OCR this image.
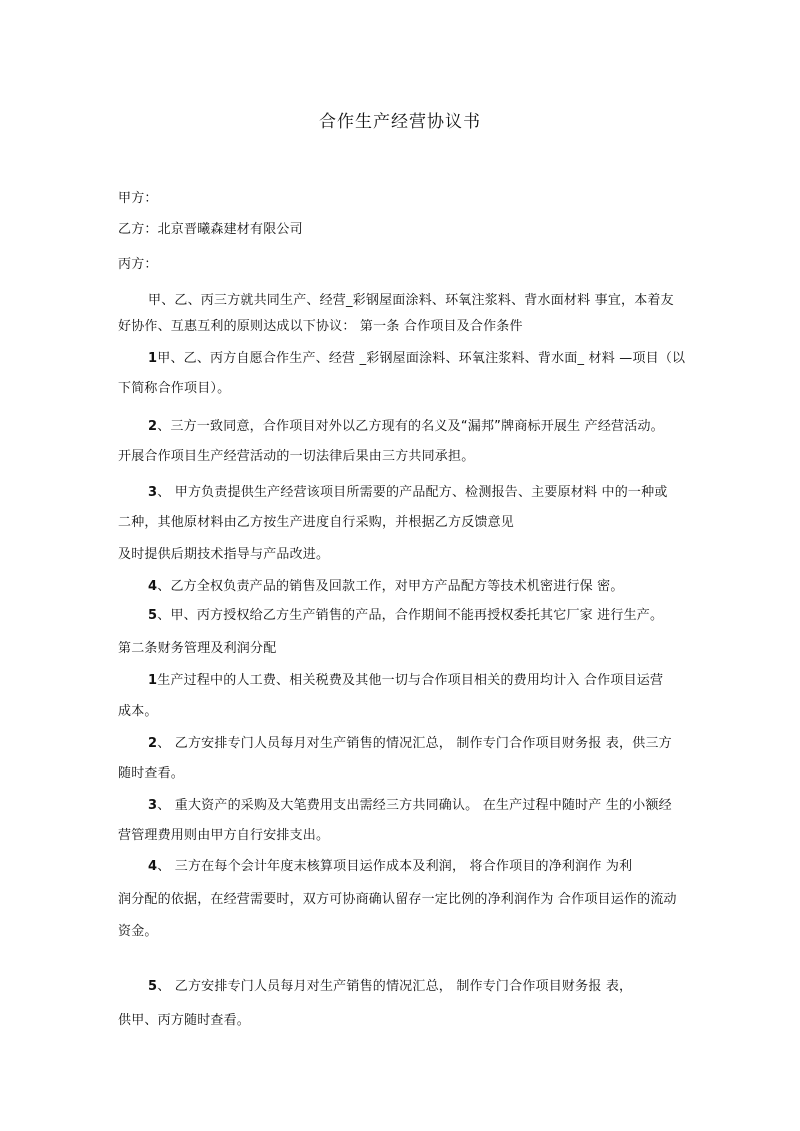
合作生产经营协议书
甲方：
乙方：北京晋曦森建材有限公司
丙方：
甲、乙、丙三方就共同生产、经营_彩钢屋面涂料、环氧注浆料、背水面材料 事宜，本着友
好协作、互惠互利的原则达成以下协议： 第一条 合作项目及合作条件
1甲、乙、丙方自愿合作生产、经营 _彩钢屋面涂料、环氧注浆料、背水面_ 材料 —项目（以
下简称合作项目）。
2、三方一致同意，合作项目对外以乙方现有的名义及“漏邦”牌商标开展生 产经营活动。
开展合作项目生产经营活动的一切法律后果由三方共同承担。
3、 甲方负责提供生产经营该项目所需要的产品配方、检测报告、主要原材料 中的一种或
二种，其他原材料由乙方按生产进度自行采购，并根据乙方反馈意见
及时提供后期技术指导与产品改进。
4、乙方全权负责产品的销售及回款工作，对甲方产品配方等技术机密进行保 密。
5、甲、丙方授权给乙方生产销售的产品，合作期间不能再授权委托其它厂家 进行生产。
第二条财务管理及利润分配
1生产过程中的人工费、相关税费及其他一切与合作项目相关的费用均计入 合作项目运营
成本。
2、 乙方安排专门人员每月对生产销售的情况汇总， 制作专门合作项目财务报 表，供三方
随时查看。
3、 重大资产的采购及大笔费用支出需经三方共同确认。 在生产过程中随时产 生的小额经
营管理费用则由甲方自行安排支出。
4、 三方在每个会计年度末核算项目运作成本及利润， 将合作项目的净利润作 为利
润分配的依据，在经营需要时，双方可协商确认留存一定比例的净利润作为 合作项目运作的流动
资金。
5、 乙方安排专门人员每月对生产销售的情况汇总， 制作专门合作项目财务报 表，
供甲、丙方随时查看。
